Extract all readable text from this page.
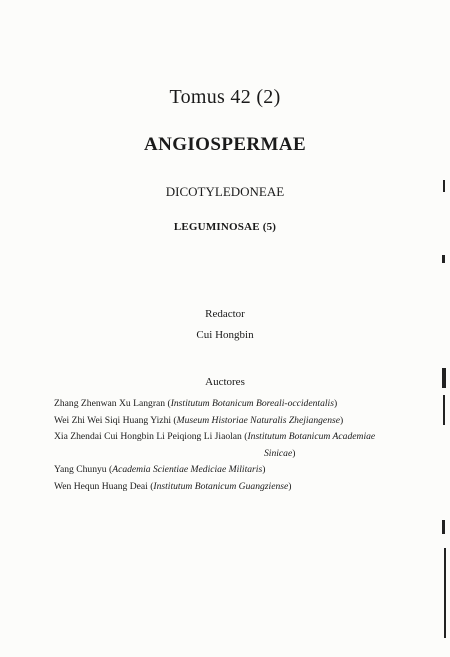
Tomus 42 (2)
ANGIOSPERMAE
DICOTYLEDONEAE
LEGUMINOSAE (5)
Redactor
Cui Hongbin
Auctores
Zhang Zhenwan Xu Langran (Institutum Botanicum Boreali-occidentalis)
Wei Zhi Wei Siqi Huang Yizhi (Museum Historiae Naturalis Zhejiangense)
Xia Zhendai Cui Hongbin Li Peiqiong Li Jiaolan (Institutum Botanicum Academiae
Sinicae)
Yang Chunyu (Academia Scientiae Mediciae Militaris)
Wen Hequn Huang Deai (Institutum Botanicum Guangziense)
